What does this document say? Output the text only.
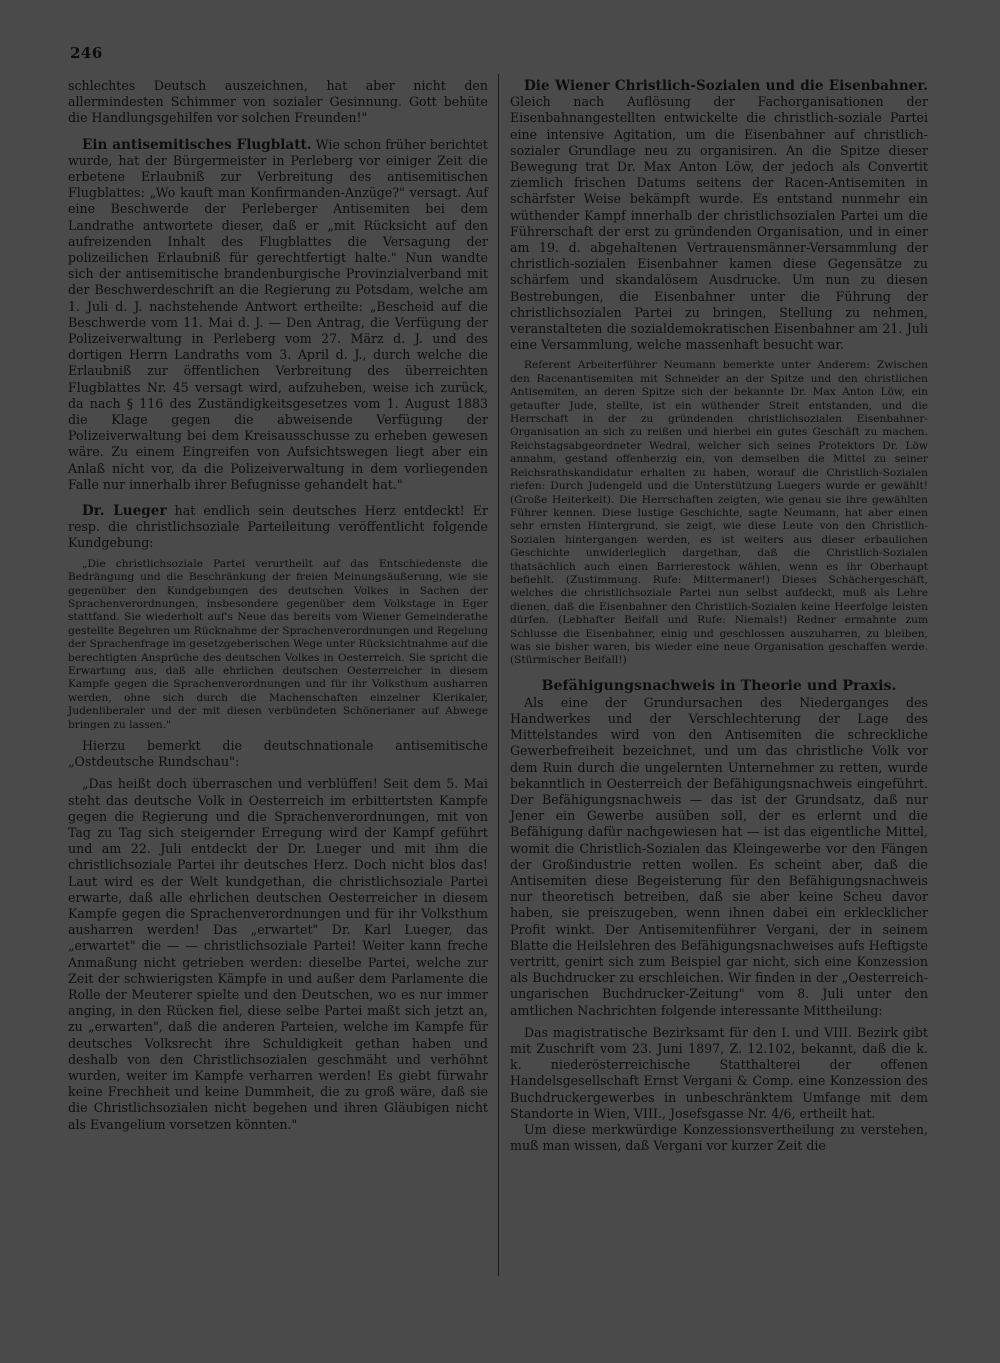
246

schlechtes Deutsch auszeichnen, hat aber nicht den allermindesten Schimmer von sozialer Gesinnung. Gott behüte die Handlungsgehilfen vor solchen Freunden!"

Ein antisemitisches Flugblatt. Wie schon früher berichtet wurde, hat der Bürgermeister in Perleberg vor einiger Zeit die erbetene Erlaubniß zur Verbreitung des antisemitischen Flugblattes: „Wo kauft man Konfirmanden-Anzüge?" versagt. Auf eine Beschwerde der Perleberger Antisemiten bei dem Landrathe antwortete dieser, daß er „mit Rücksicht auf den aufreizenden Inhalt des Flugblattes die Versagung der polizeilichen Erlaubniß für gerechtfertigt halte." Nun wandte sich der antisemitische brandenburgische Provinzialverband mit der Beschwerdeschrift an die Regierung zu Potsdam, welche am 1. Juli d. J. nachstehende Antwort ertheilte: „Bescheid auf die Beschwerde vom 11. Mai d. J. — Den Antrag, die Verfügung der Polizeiverwaltung in Perleberg vom 27. März d. J. und des dortigen Herrn Landraths vom 3. April d. J., durch welche die Erlaubniß zur öffentlichen Verbreitung des überreichten Flugblattes Nr. 45 versagt wird, aufzuheben, weise ich zurück, da nach § 116 des Zuständigkeitsgesetzes vom 1. August 1883 die Klage gegen die abweisende Verfügung der Polizeiverwaltung bei dem Kreisausschusse zu erheben gewesen wäre. Zu einem Eingreifen von Aufsichtswegen liegt aber ein Anlaß nicht vor, da die Polizeiverwaltung in dem vorliegenden Falle nur innerhalb ihrer Befugnisse gehandelt hat."

Dr. Lueger hat endlich sein deutsches Herz entdeckt! Er resp. die christlichsoziale Parteileitung veröffentlicht folgende Kundgebung:

„Die christlichsoziale Partei verurtheilt auf das Entschiedenste die Bedrängung und die Beschränkung der freien Meinungsäußerung, wie sie gegenüber den Kundgebungen des deutschen Volkes in Sachen der Sprachenverordnungen, insbesondere gegenüber dem Volkstage in Eger stattfand. Sie wiederholt auf's Neue das bereits vom Wiener Gemeinderathe gestellte Begehren um Rücknahme der Sprachenverordnungen und Regelung der Sprachenfrage im gesetzgeberischen Wege unter Rücksichtnahme auf die berechtigten Ansprüche des deutschen Volkes in Oesterreich. Sie spricht die Erwartung aus, daß alle ehrlichen deutschen Oesterreicher in diesem Kampfe gegen die Sprachenverordnungen und für ihr Volksthum ausharren werden, ohne sich durch die Machenschaften einzelner Klerikaler, Judenliberaler und der mit diesen verbündeten Schönerianer auf Abwege bringen zu lassen."

Hierzu bemerkt die deutschnationale antisemitische „Ostdeutsche Rundschau":

„Das heißt doch überraschen und verblüffen! Seit dem 5. Mai steht das deutsche Volk in Oesterreich im erbittertsten Kampfe gegen die Regierung und die Sprachenverordnungen, mit von Tag zu Tag sich steigernder Erregung wird der Kampf geführt und am 22. Juli entdeckt der Dr. Lueger und mit ihm die christlichsoziale Partei ihr deutsches Herz. Doch nicht blos das! Laut wird es der Welt kundgethan, die christlichsoziale Partei erwarte, daß alle ehrlichen deutschen Oesterreicher in diesem Kampfe gegen die Sprachenverordnungen und für ihr Volksthum ausharren werden! Das „erwartet" Dr. Karl Lueger, das „erwartet" die — — christlichsoziale Partei! Weiter kann freche Anmaßung nicht getrieben werden: dieselbe Partei, welche zur Zeit der schwierigsten Kämpfe in und außer dem Parlamente die Rolle der Meuterer spielte und den Deutschen, wo es nur immer anging, in den Rücken fiel, diese selbe Partei maßt sich jetzt an, zu „erwarten", daß die anderen Parteien, welche im Kampfe für deutsches Volksrecht ihre Schuldigkeit gethan haben und deshalb von den Christlichsozialen geschmäht und verhöhnt wurden, weiter im Kampfe verharren werden! Es giebt fürwahr keine Frechheit und keine Dummheit, die zu groß wäre, daß sie die Christlichsozialen nicht begehen und ihren Gläubigen nicht als Evangelium vorsetzen könnten."

Die Wiener Christlich-Sozialen und die Eisenbahner. Gleich nach Auflösung der Fachorganisationen der Eisenbahnangestellten entwickelte die christlich-soziale Partei eine intensive Agitation, um die Eisenbahner auf christlich-sozialer Grundlage neu zu organisiren. An die Spitze dieser Bewegung trat Dr. Max Anton Löw, der jedoch als Convertit ziemlich frischen Datums seitens der Racen-Antisemiten in schärfster Weise bekämpft wurde. Es entstand nunmehr ein wüthender Kampf innerhalb der christlichsozialen Partei um die Führerschaft der erst zu gründenden Organisation, und in einer am 19. d. abgehaltenen Vertrauensmänner-Versammlung der christlich-sozialen Eisenbahner kamen diese Gegensätze zu schärfem und skandalösem Ausdrucke. Um nun zu diesen Bestrebungen, die Eisenbahner unter die Führung der christlichsozialen Partei zu bringen, Stellung zu nehmen, veranstalteten die sozialdemokratischen Eisenbahner am 21. Juli eine Versammlung, welche massenhaft besucht war.

Referent Arbeiterführer Neumann bemerkte unter Anderem: Zwischen den Racenantisemiten mit Schneider an der Spitze und den christlichen Antisemiten, an deren Spitze sich der bekannte Dr. Max Anton Löw, ein getaufter Jude, stellte, ist ein wüthender Streit entstanden, und die Herrschaft in der zu gründenden christlichsozialen Eisenbahner-Organisation an sich zu reißen und hierbei ein gutes Geschäft zu machen. Reichstagsabgeordneter Wedral, welcher sich seines Protektors Dr. Löw annahm, gestand offenherzig ein, von demselben die Mittel zu seiner Reichsrathskandidatur erhalten zu haben, worauf die Christlich-Sozialen riefen: Durch Judengeld und die Unterstützung Luegers wurde er gewählt! (Große Heiterkeit). Die Herrschaften zeigten, wie genau sie ihre gewählten Führer kennen. Diese lustige Geschichte, sagte Neumann, hat aber einen sehr ernsten Hintergrund, sie zeigt, wie diese Leute von den Christlich-Sozialen hintergangen werden, es ist weiters aus dieser erbaulichen Geschichte unwiderleglich dargethan, daß die Christlich-Sozialen thatsächlich auch einen Barrierestock wählen, wenn es ihr Oberhaupt befiehlt. (Zustimmung. Rufe: Mittermaner!) Dieses Schächergeschäft, welches die christlichsoziale Partei nun selbst aufdeckt, muß als Lehre dienen, daß die Eisenbahner den Christlich-Sozialen keine Heerfolge leisten dürfen. (Lebhafter Beifall und Rufe: Niemals!) Redner ermahnte zum Schlusse die Eisenbahner, einig und geschlossen auszuharren, zu bleiben, was sie bisher waren, bis wieder eine neue Organisation geschaffen werde. (Stürmischer Beifall!)

Befähigungsnachweis in Theorie und Praxis.

Als eine der Grundursachen des Niederganges des Handwerkes und der Verschlechterung der Lage des Mittelstandes wird von den Antisemiten die schreckliche Gewerbefreiheit bezeichnet, und um das christliche Volk vor dem Ruin durch die ungelernten Unternehmer zu retten, wurde bekanntlich in Oesterreich der Befähigungsnachweis eingeführt. Der Befähigungsnachweis — das ist der Grundsatz, daß nur Jener ein Gewerbe ausüben soll, der es erlernt und die Befähigung dafür nachgewiesen hat — ist das eigentliche Mittel, womit die Christlich-Sozialen das Kleingewerbe vor den Fängen der Großindustrie retten wollen. Es scheint aber, daß die Antisemiten diese Begeisterung für den Befähigungsnachweis nur theoretisch betreiben, daß sie aber keine Scheu davor haben, sie preiszugeben, wenn ihnen dabei ein erklecklicher Profit winkt. Der Antisemitenführer Vergani, der in seinem Blatte die Heilslehren des Befähigungsnachweises aufs Heftigste vertritt, genirt sich zum Beispiel gar nicht, sich eine Konzession als Buchdrucker zu erschleichen. Wir finden in der „Oesterreich-ungarischen Buchdrucker-Zeitung" vom 8. Juli unter den amtlichen Nachrichten folgende interessante Mittheilung:

Das magistratische Bezirksamt für den I. und VIII. Bezirk gibt mit Zuschrift vom 23. Juni 1897, Z. 12.102, bekannt, daß die k. k. niederösterreichische Statthalterei der offenen Handelsgesellschaft Ernst Vergani & Comp. eine Konzession des Buchdruckergewerbes in unbeschränktem Umfange mit dem Standorte in Wien, VIII., Josefsgasse Nr. 4/6, ertheilt hat.

Um diese merkwürdige Konzessionsvertheilung zu verstehen, muß man wissen, daß Vergani vor kurzer Zeit die
